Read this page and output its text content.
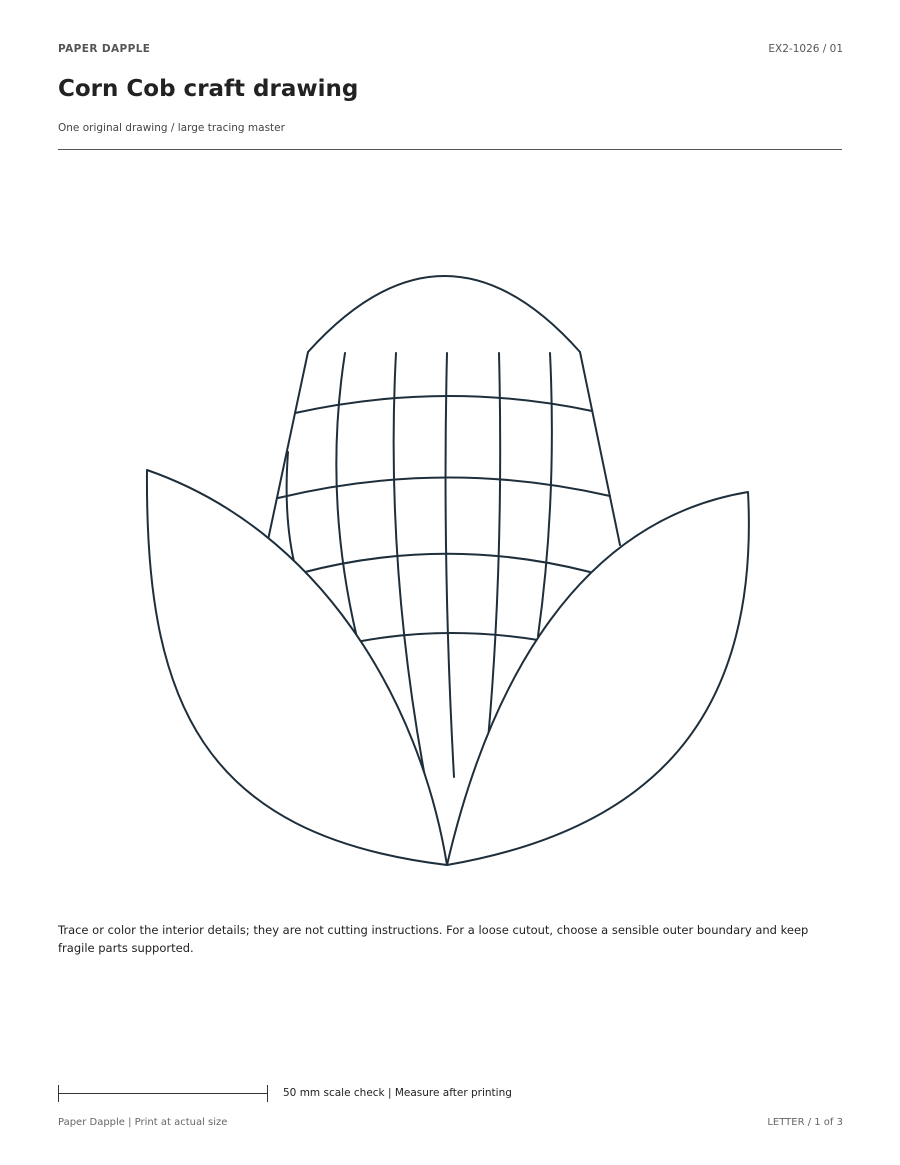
PAPER DAPPLE	EX2-1026 / 01
Corn Cob craft drawing
One original drawing / large tracing master
Trace or color the interior details; they are not cutting instructions. For a loose cutout, choose a sensible outer boundary and keep fragile parts supported.
50 mm scale check | Measure after printing
Paper Dapple | Print at actual size	LETTER / 1 of 3
